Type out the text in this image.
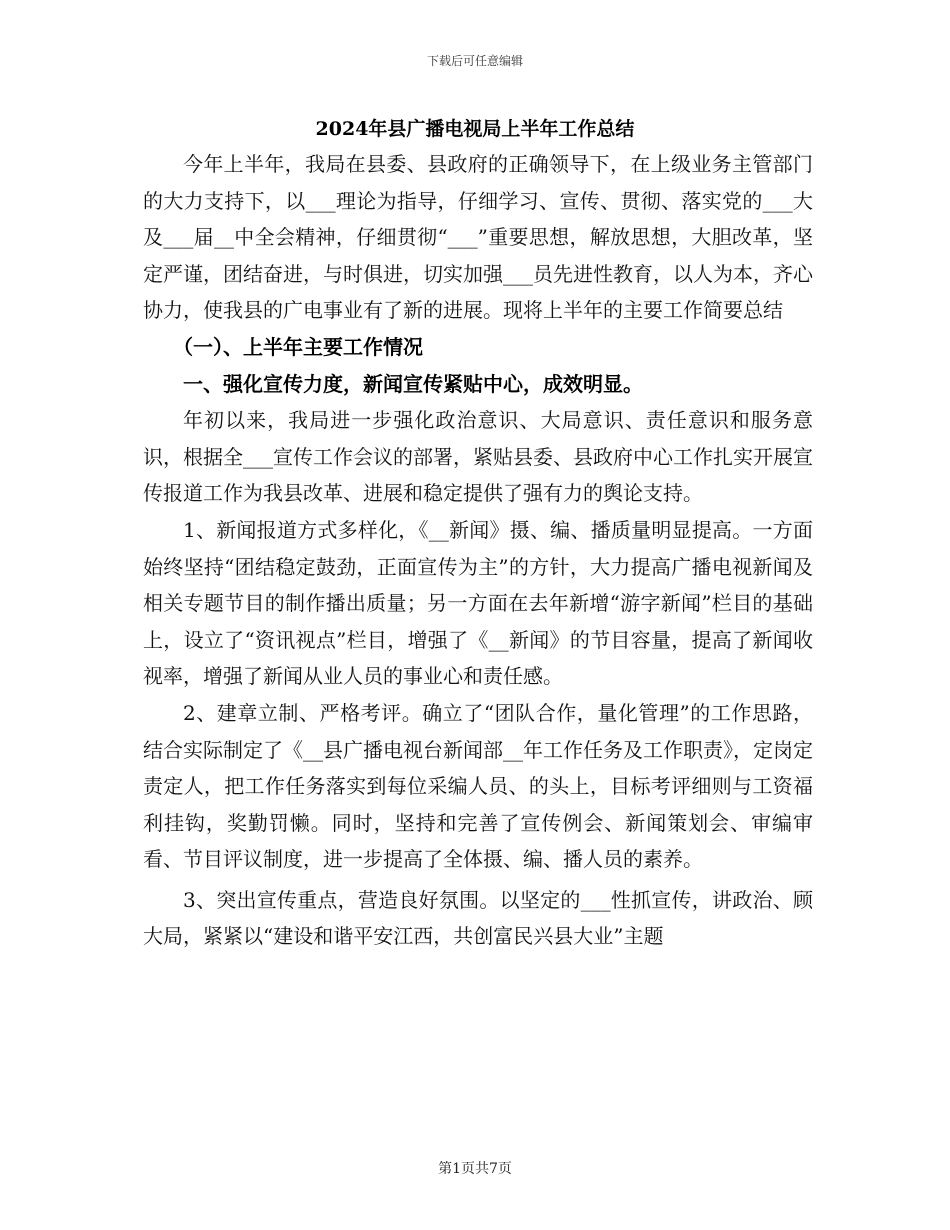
下载后可任意编辑
2024年县广播电视局上半年工作总结

今年上半年，我局在县委、县政府的正确领导下，在上级业务主管部门的大力支持下，以___理论为指导，仔细学习、宣传、贯彻、落实党的___大及___届__中全会精神，仔细贯彻“___”重要思想，解放思想，大胆改革，坚定严谨，团结奋进，与时俱进，切实加强___员先进性教育，以人为本，齐心协力，使我县的广电事业有了新的进展。现将上半年的主要工作简要总结

（一）、上半年主要工作情况

一、强化宣传力度，新闻宣传紧贴中心，成效明显。

年初以来，我局进一步强化政治意识、大局意识、责任意识和服务意识，根据全___宣传工作会议的部署，紧贴县委、县政府中心工作扎实开展宣传报道工作为我县改革、进展和稳定提供了强有力的舆论支持。

1、新闻报道方式多样化，《__新闻》摄、编、播质量明显提高。一方面始终坚持“团结稳定鼓劲，正面宣传为主”的方针，大力提高广播电视新闻及相关专题节目的制作播出质量；另一方面在去年新增“游字新闻”栏目的基础上，设立了“资讯视点”栏目，增强了《__新闻》的节目容量，提高了新闻收视率，增强了新闻从业人员的事业心和责任感。

2、建章立制、严格考评。确立了“团队合作，量化管理”的工作思路，结合实际制定了《__县广播电视台新闻部__年工作任务及工作职责》，定岗定责定人，把工作任务落实到每位采编人员、的头上，目标考评细则与工资福利挂钩，奖勤罚懒。同时，坚持和完善了宣传例会、新闻策划会、审编审看、节目评议制度，进一步提高了全体摄、编、播人员的素养。

3、突出宣传重点，营造良好氛围。以坚定的___性抓宣传，讲政治、顾大局，紧紧以“建设和谐平安江西，共创富民兴县大业”主题

第1页共7页
